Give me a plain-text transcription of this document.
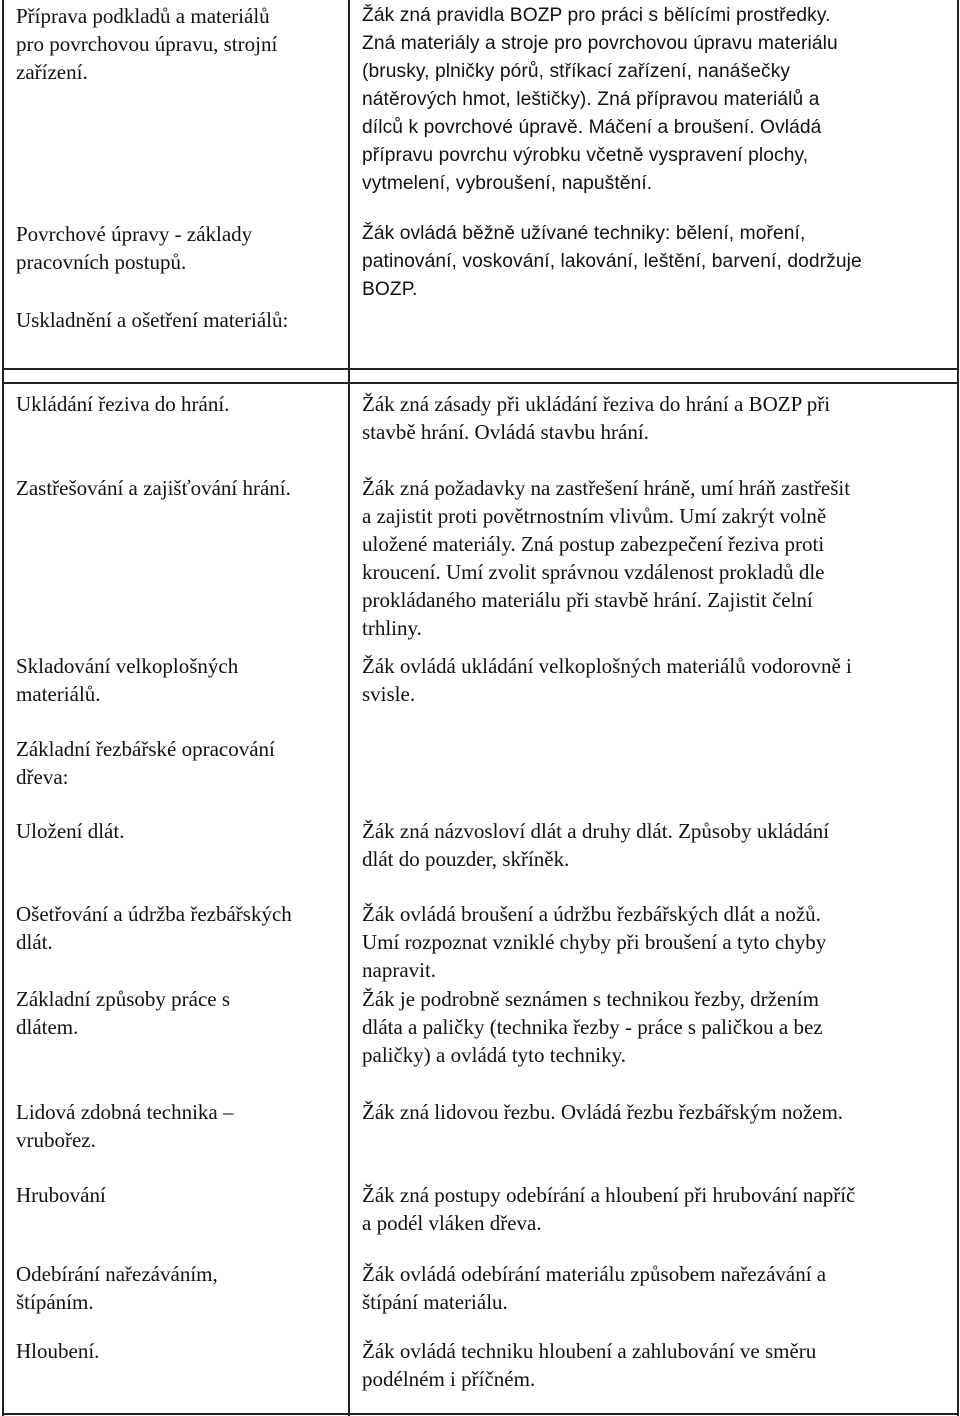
Příprava podkladů a materiálů
pro povrchovou úpravu, strojní
zařízení.

Povrchové úpravy - základy
pracovních postupů.

Uskladnění a ošetření materiálů:

Žák zná pravidla BOZP pro práci s bělícími prostředky.
Zná materiály a stroje pro povrchovou úpravu materiálu
(brusky, plničky pórů, stříkací zařízení, nanášečky
nátěrových hmot, leštičky). Zná přípravou materiálů a
dílců k povrchové úpravě. Máčení a broušení. Ovládá
přípravu povrchu výrobku včetně vyspravení plochy,
vytmelení, vybroušení, napuštění.

Žák ovládá běžně užívané techniky: bělení, moření,
patinování, voskování, lakování, leštění, barvení, dodržuje
BOZP.

Ukládání řeziva do hrání.

Zastřešování a zajišťování hrání.

Skladování velkoplošných
materiálů.

Základní řezbářské opracování
dřeva:

Uložení dlát.

Ošetřování a údržba řezbářských
dlát.

Základní způsoby práce s
dlátem.

Lidová zdobná technika –
vrubořez.

Hrubování

Odebírání nařezáváním,
štípáním.

Hloubení.

Žák zná zásady při ukládání řeziva do hrání a BOZP při
stavbě hrání. Ovládá stavbu hrání.

Žák zná požadavky na zastřešení hráně, umí hráň zastřešit
a zajistit proti povětrnostním vlivům. Umí zakrýt volně
uložené materiály. Zná postup zabezpečení řeziva proti
kroucení. Umí zvolit správnou vzdálenost prokladů dle
prokládaného materiálu při stavbě hrání. Zajistit čelní
trhliny.

Žák ovládá ukládání velkoplošných materiálů vodorovně i
svisle.

Žák zná názvosloví dlát a druhy dlát. Způsoby ukládání
dlát do pouzder, skříněk.

Žák ovládá broušení a údržbu řezbářských dlát a nožů.
Umí rozpoznat vzniklé chyby při broušení a tyto chyby
napravit.

Žák je podrobně seznámen s technikou řezby, držením
dláta a paličky (technika řezby - práce s paličkou a bez
paličky) a ovládá tyto techniky.

Žák zná lidovou řezbu. Ovládá řezbu řezbářským nožem.

Žák zná postupy odebírání a hloubení při hrubování napříč
a podél vláken dřeva.

Žák ovládá odebírání materiálu způsobem nařezávání a
štípání materiálu.

Žák ovládá techniku hloubení a zahlubování ve směru
podélném i příčném.
